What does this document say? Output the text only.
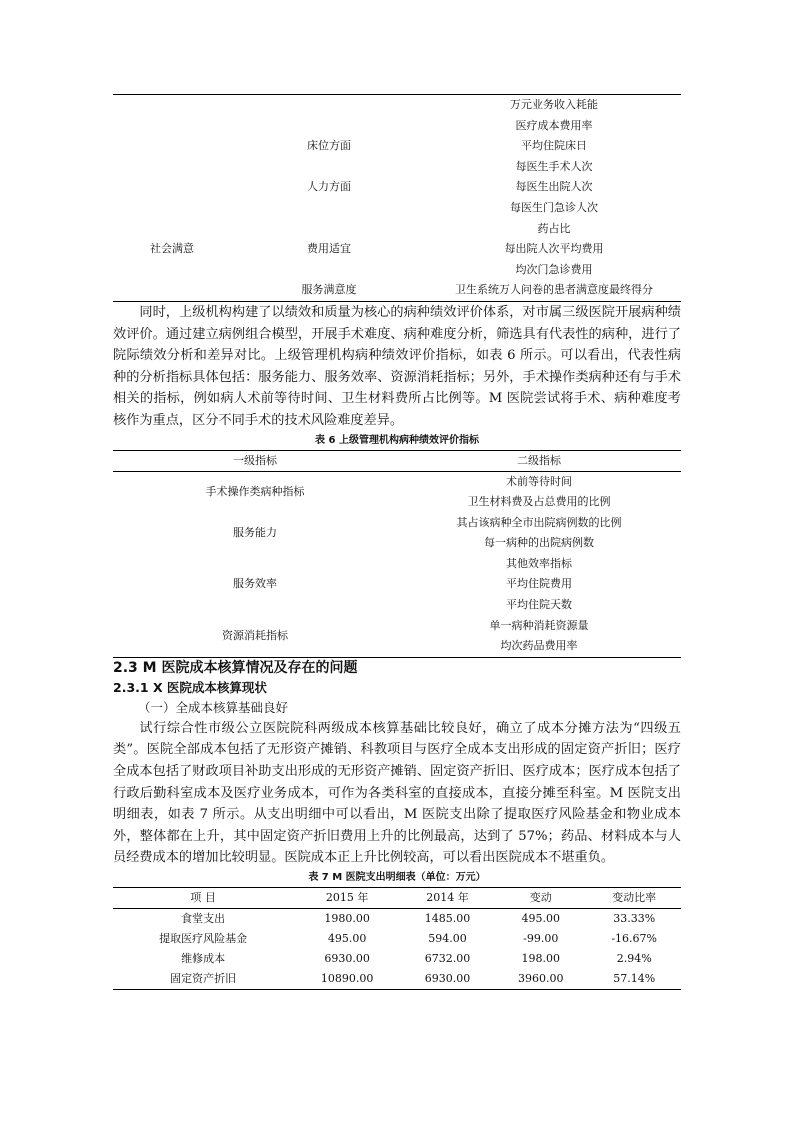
		万元业务收入耗能
		医疗成本费用率
	床位方面	平均住院床日
		每医生手术人次
	人力方面	每医生出院人次
		每医生门急诊人次
		药占比
社会满意	费用适宜	每出院人次平均费用
		均次门急诊费用
	服务满意度	卫生系统万人问卷的患者满意度最终得分

同时，上级机构构建了以绩效和质量为核心的病种绩效评价体系，对市属三级医院开展病种绩效评价。通过建立病例组合模型，开展手术难度、病种难度分析，筛选具有代表性的病种，进行了院际绩效分析和差异对比。上级管理机构病种绩效评价指标，如表 6 所示。可以看出，代表性病种的分析指标具体包括：服务能力、服务效率、资源消耗指标；另外，手术操作类病种还有与手术相关的指标，例如病人术前等待时间、卫生材料费所占比例等。M 医院尝试将手术、病种难度考核作为重点，区分不同手术的技术风险难度差异。

表 6 上级管理机构病种绩效评价指标

一级指标	二级指标
手术操作类病种指标	术前等待时间
	卫生材料费及占总费用的比例
服务能力	其占该病种全市出院病例数的比例
	每一病种的出院病例数
服务效率	其他效率指标
	平均住院费用
	平均住院天数
资源消耗指标	单一病种消耗资源量
	均次药品费用率

2.3 M 医院成本核算情况及存在的问题

2.3.1 X 医院成本核算现状

（一）全成本核算基础良好

试行综合性市级公立医院院科两级成本核算基础比较良好，确立了成本分摊方法为“四级五类”。医院全部成本包括了无形资产摊销、科教项目与医疗全成本支出形成的固定资产折旧；医疗全成本包括了财政项目补助支出形成的无形资产摊销、固定资产折旧、医疗成本；医疗成本包括了行政后勤科室成本及医疗业务成本，可作为各类科室的直接成本，直接分摊至科室。M 医院支出明细表，如表 7 所示。从支出明细中可以看出，M 医院支出除了提取医疗风险基金和物业成本外，整体都在上升，其中固定资产折旧费用上升的比例最高，达到了 57%；药品、材料成本与人员经费成本的增加比较明显。医院成本正上升比例较高，可以看出医院成本不堪重负。

表 7 M 医院支出明细表（单位：万元）

项 目	2015 年	2014 年	变动	变动比率
食堂支出	1980.00	1485.00	495.00	33.33%
提取医疗风险基金	495.00	594.00	-99.00	-16.67%
维修成本	6930.00	6732.00	198.00	2.94%
固定资产折旧	10890.00	6930.00	3960.00	57.14%
